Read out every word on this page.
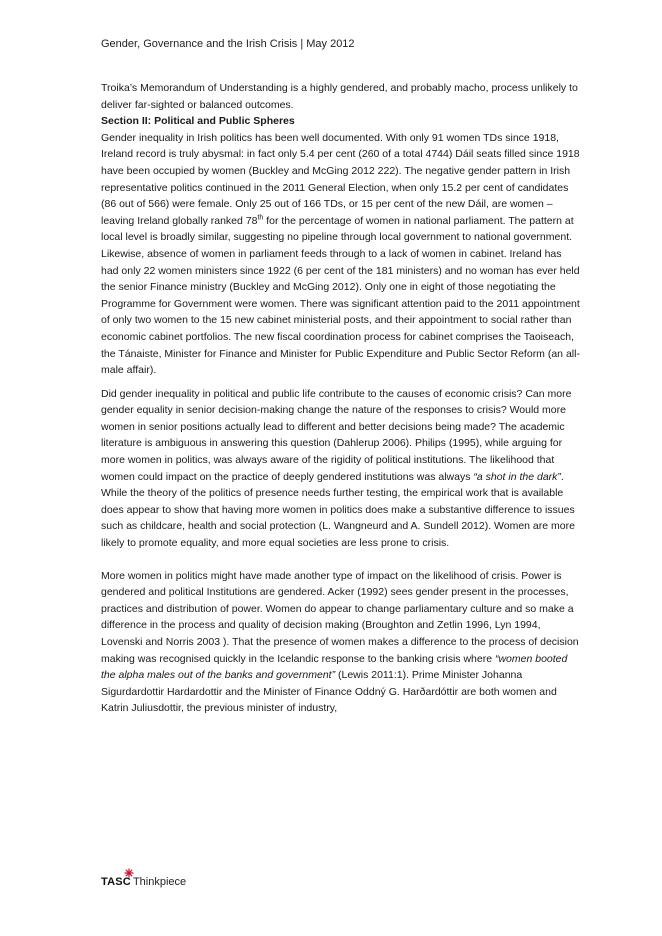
Gender, Governance and the Irish Crisis | May 2012

Troika’s Memorandum of Understanding is a highly gendered, and probably macho, process unlikely to deliver far-sighted or balanced outcomes.

Section II: Political and Public Spheres

Gender inequality in Irish politics has been well documented. With only 91 women TDs since 1918, Ireland record is truly abysmal: in fact only 5.4 per cent (260 of a total 4744) Dáil seats filled since 1918 have been occupied by women (Buckley and McGing 2012 222). The negative gender pattern in Irish representative politics continued in the 2011 General Election, when only 15.2 per cent of candidates (86 out of 566) were female. Only 25 out of 166 TDs, or 15 per cent of the new Dáil, are women – leaving Ireland globally ranked 78th for the percentage of women in national parliament. The pattern at local level is broadly similar, suggesting no pipeline through local government to national government. Likewise, absence of women in parliament feeds through to a lack of women in cabinet. Ireland has had only 22 women ministers since 1922 (6 per cent of the 181 ministers) and no woman has ever held the senior Finance ministry (Buckley and McGing 2012). Only one in eight of those negotiating the Programme for Government were women. There was significant attention paid to the 2011 appointment of only two women to the 15 new cabinet ministerial posts, and their appointment to social rather than economic cabinet portfolios. The new fiscal coordination process for cabinet comprises the Taoiseach, the Tánaiste, Minister for Finance and Minister for Public Expenditure and Public Sector Reform (an all-male affair).

Did gender inequality in political and public life contribute to the causes of economic crisis? Can more gender equality in senior decision-making change the nature of the responses to crisis? Would more women in senior positions actually lead to different and better decisions being made? The academic literature is ambiguous in answering this question (Dahlerup 2006). Philips (1995), while arguing for more women in politics, was always aware of the rigidity of political institutions. The likelihood that women could impact on the practice of deeply gendered institutions was always “a shot in the dark”. While the theory of the politics of presence needs further testing, the empirical work that is available does appear to show that having more women in politics does make a substantive difference to issues such as childcare, health and social protection (L. Wangneurd and A. Sundell 2012). Women are more likely to promote equality, and more equal societies are less prone to crisis.

More women in politics might have made another type of impact on the likelihood of crisis. Power is gendered and political Institutions are gendered. Acker (1992) sees gender present in the processes, practices and distribution of power. Women do appear to change parliamentary culture and so make a difference in the process and quality of decision making (Broughton and Zetlin 1996, Lyn 1994, Lovenski and Norris 2003 ). That the presence of women makes a difference to the process of decision making was recognised quickly in the Icelandic response to the banking crisis where “women booted the alpha males out of the banks and government” (Lewis 2011:1). Prime Minister Johanna Sigurdardottir Hardardottir and the Minister of Finance Oddný G. Harðardóttir are both women and Katrin Juliusdottir, the previous minister of industry,

TASC Thinkpiece
